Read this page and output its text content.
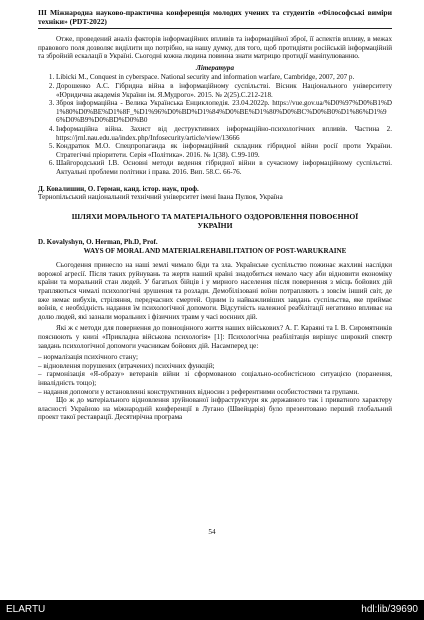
III Міжнародна науково-практична конференція молодих учених та студентів «Філософські виміри техніки» (PDT-2022)

Отже, проведений аналіз факторів інформаційних впливів та інформаційної зброї, її аспектів впливу, в межах правового поля дозволяє виділити що потрібно, на нашу думку, для того, щоб протидіяти російській інформаційній та збройній ескалації в Україні. Сьогодні кожна людина повинна знати матрицю протидії маніпулюванню.

Література
1. Libicki M., Conquest in cyberspace. National security and information warfare, Cambridge, 2007, 207 p.
2. Дорошенко А.С. Гібридна війна в інформаційному суспільстві. Вісник Національного університету «Юридична академія України ім. Я.Мудрого». 2015. № 2(25).С.212-218.
3. Зброя інформаційна - Велика Українська Енциклопедія. 23.04.2022р. https://vue.gov.ua/%D0%97%D0%B1%D1%80%D0%BE%D1%8F_%D1%96%D0%BD%D1%84%D0%BE%D1%80%D0%BC%D0%B0%D1%86%D1%96%D0%B9%D0%BD%D0%B0
4. Інформаційна війна. Захист від деструктивних інформаційно-психологічних впливів. Частина 2. https://jrnl.nau.edu.ua/index.php/Infosecurity/article/view/13666
5. Кондратюк М.О. Спецпропаганда як інформаційний складник гібридної війни росії проти України. Стратегічні пріоритети. Серія «Політика». 2016. № 1(38). С.99-109.
6. Шайгородський І.В. Основні методи ведення гібридної війни в сучасному інформаційному суспільстві. Актуальні проблеми політики і права. 2016. Вип. 58.С. 66-76.
Д. Ковалишин, О. Герман, канд. істор. наук, проф.
Тернопільський національний технічний університет імені Івана Пулюя, Україна
ШЛЯХИ МОРАЛЬНОГО ТА МАТЕРІАЛЬНОГО ОЗДОРОВЛЕННЯ ПОВОЄННОЇ УКРАЇНИ
D. Kovalyshyn, O. Herman, Ph.D, Prof.
WAYS OF MORAL AND MATERIALREHABILITATION OF POST-WARUKRAINE

Сьогодення принесло на наші землі чимало біди та зла. Українське суспільство пожинає жахливі наслідки ворожої агресії. Після таких руйнувань та жертв наший країні знадобиться немало часу аби відновити економіку країни та моральний стан людей. У багатьох бійців і у мирного населення після повернення з місць бойових дій трапляються чималі психологічні зрушення та розлади. Демобілізовані воїни потрапляють з зовсім інший світ, де вже немає вибухів, стріляння, передчасних смертей. Одним із найважливіших завдань суспільства, яке приймає воїнів, є необхідність надання їм психологічної допомоги. Відсутність належної реабілітації негативно впливає на долю людей, які зазнали моральних і фізичних травм у часі воєнних дій.

Які ж є методи для повернення до повноцінного життя наших військових? А. Г. Караяні та І. В. Сиромятників пояснюють у книзі «Прикладна військова психологія» [1]: Психологічна реабілітація вирішує широкий спектр завдань психологічної допомоги учасникам бойових дій. Насамперед це:

– нормалізація психічного стану;
– відновлення порушених (втрачених) психічних функцій;
– гармонізація «Я-образу» ветеранів війни зі сформованою соціально-особистісною ситуацією (поранення, інвалідність тощо);
– надання допомоги у встановленні конструктивних відносин з референтними особистостями та групами.

Що ж до матеріального відновлення зруйнованої інфраструктури як державного так і приватного характеру власності Україною на міжнародній конференції в Лугано (Швейцарія) було презентовано перший глобальний проект такої реставрації. Десятирічна програма

54
ELARTU	hdl:lib/39690
